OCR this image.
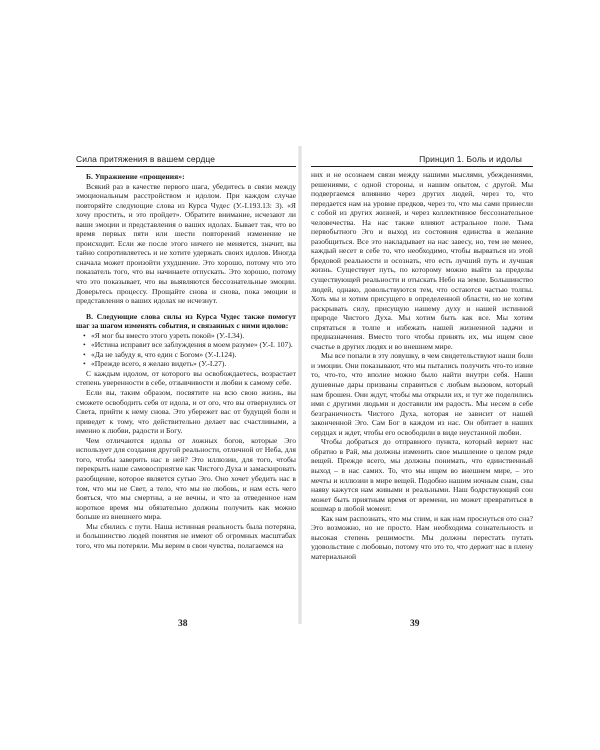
Сила притяжения в вашем сердце

Б. Упражнение «прощения»:

Всякий раз в качестве первого шага, убедитесь в связи между эмоциональным расстройством и идолом. При каждом случае повторяйте следующие слова из Курса Чудес (У.-I.193.13: 3). «Я хочу простить, и это пройдет». Обратите внимание, исчезают ли ваши эмоции и представления о ваших идолах. Бывает так, что во время первых пяти или шести повторений изменение не происходит. Если же после этого ничего не меняется, значит, вы тайно сопротивляетесь и не хотите удержать своих идолов. Иногда сначала может произойти ухудшение. Это хорошо, потому что это показатель того, что вы начинаете отпускать. Это хорошо, потому что это показывает, что вы выявляются бессознательные эмоции. Доверьтесь процессу. Прощайте снова и снова, пока эмоции и представления о ваших идолах не исчезнут.

В. Следующие слова силы из Курса Чудес также помогут шаг за шагом изменять события, и связанных с ними идолов:

• «Я мог бы вместо этого узреть покой» (У.-I.34).
• «Истина исправит все заблуждения в моем разуме» (У.-I. 107).
• «Да не забуду я, что един с Богом» (У.-I.124).
• «Прежде всего, я желаю видеть» (У.-I.27).

С каждым идолом, от которого вы освобождаетесь, возрастает степень уверенности в себе, отзывчивости и любви к самому себе.

Если вы, таким образом, посвятите на всю свою жизнь, вы сможете освободить себя от идола, и от ого, что вы отвернулись от Света, прийти к нему снова. Это убережет вас от будущей боли и приведет к тому, что действительно делает вас счастливыми, а именно к любви, радости и Богу.

Чем отличаются идолы от ложных богов, которые Эго использует для создания другой реальности, отличной от Неба, для того, чтобы заверить нас в ней? Это иллюзии, для того, чтобы перекрыть наше самовосприятие как Чистого Духа и замаскировать разобщение, которое является сутью Эго. Оно хочет убедить нас в том, что мы не Свет, а тело, что мы не любовь, и нам есть чего бояться, что мы смертны, а не вечны, и что за отведенное нам короткое время мы обязательно должны получить как можно больше из внешнего мира.

Мы сбились с пути. Наша истинная реальность была потеряна, и большинство людей понятия не имеют об огромных масштабах того, что мы потеряли. Мы верим в свои чувства, полагаемся на

38
Принцип 1. Боль и идолы

них и не осознаем связи между нашими мыслями, убеждениями, решениями, с одной стороны, и нашим опытом, с другой. Мы подвергаемся влиянию через других людей, через то, что передается нам на уровне предков, через то, что мы сами принесли с собой из других жизней, и через коллективное бессознательное человечества. На нас также влияют астральное поле. Тьма первобытного Эго и выход из состояния единства в желание разобщиться. Все это накладывает на нас завесу, но, тем не менее, каждый несет в себе то, что необходимо, чтобы вырваться из этой бредовой реальности и осознать, что есть лучший путь и лучшая жизнь. Существует путь, по которому можно выйти за пределы существующей реальности и отыскать Небо на земле. Большинство людей, однако, довольствуются тем, что остаются частью толпы. Хоть мы и хотим присущего в определенной области, но не хотим раскрывать силу, присущую нашему духу и нашей истинной природе Чистого Духа. Мы хотим быть как все. Мы хотим спрятаться в толпе и избежать нашей жизненной задачи и предназначения. Вместо того чтобы принять их, мы ищем свое счастье в других людях и во внешнем мире.

Мы все попали в эту ловушку, в чем свидетельствуют наши боли и эмоции. Они показывают, что мы пытались получить что-то извне то, что-то, что вполне можно было найти внутри себя. Наши душевные дары призваны справиться с любым вызовом, который нам брошен. Они ждут, чтобы мы открыли их, и тут же поделились ими с другими людьми и доставили им радость. Мы несем в себе безграничность Чистого Духа, которая не зависит от нашей законченной Эго. Сам Бог в каждом из нас. Он обитает в наших сердцах и ждет, чтобы его освободили в виде неустанной любви.

Чтобы добраться до отправного пункта, который вернет нас обратно в Рай, мы должны изменить свое мышление о целом ряде вещей. Прежде всего, мы должны понимать, что единственный выход – в нас самих. То, что мы ищем во внешнем мире, – это мечты и иллюзии в мире вещей. Подобно нашим ночным снам, сны наяву кажутся нам живыми и реальными. Наш бодрствующий сон может быть приятным время от времени, но может превратиться в кошмар в любой момент.

Как нам распознать, что мы спим, и как нам проснуться ото сна? Это возможно, но не просто. Нам необходима сознательность и высокая степень решимости. Мы должны перестать путать удовольствие с любовью, потому что это то, что держит нас в плену материальной

39
